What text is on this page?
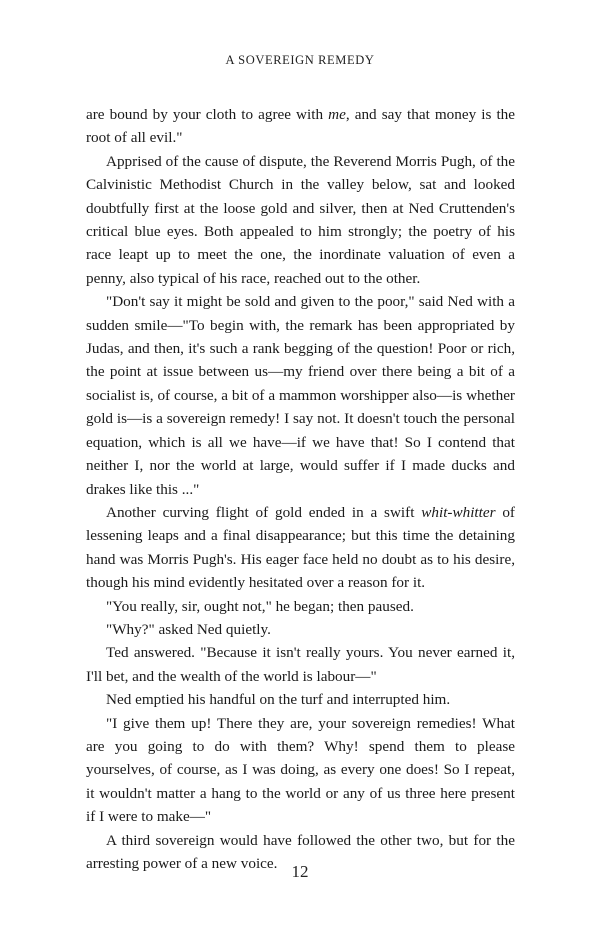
A SOVEREIGN REMEDY

are bound by your cloth to agree with me, and say that money is the root of all evil."

Apprised of the cause of dispute, the Reverend Morris Pugh, of the Calvinistic Methodist Church in the valley below, sat and looked doubtfully first at the loose gold and silver, then at Ned Cruttenden's critical blue eyes. Both appealed to him strongly; the poetry of his race leapt up to meet the one, the inordinate valuation of even a penny, also typical of his race, reached out to the other.

"Don't say it might be sold and given to the poor," said Ned with a sudden smile—"To begin with, the remark has been appropriated by Judas, and then, it's such a rank begging of the question! Poor or rich, the point at issue between us—my friend over there being a bit of a socialist is, of course, a bit of a mammon worshipper also—is whether gold is—is a sovereign remedy! I say not. It doesn't touch the personal equation, which is all we have—if we have that! So I contend that neither I, nor the world at large, would suffer if I made ducks and drakes like this ..."

Another curving flight of gold ended in a swift whit-whitter of lessening leaps and a final disappearance; but this time the detaining hand was Morris Pugh's. His eager face held no doubt as to his desire, though his mind evidently hesitated over a reason for it.

"You really, sir, ought not," he began; then paused.

"Why?" asked Ned quietly.

Ted answered. "Because it isn't really yours. You never earned it, I'll bet, and the wealth of the world is labour—"

Ned emptied his handful on the turf and interrupted him.

"I give them up! There they are, your sovereign remedies! What are you going to do with them? Why! spend them to please yourselves, of course, as I was doing, as every one does! So I repeat, it wouldn't matter a hang to the world or any of us three here present if I were to make—"

A third sovereign would have followed the other two, but for the arresting power of a new voice. 12
